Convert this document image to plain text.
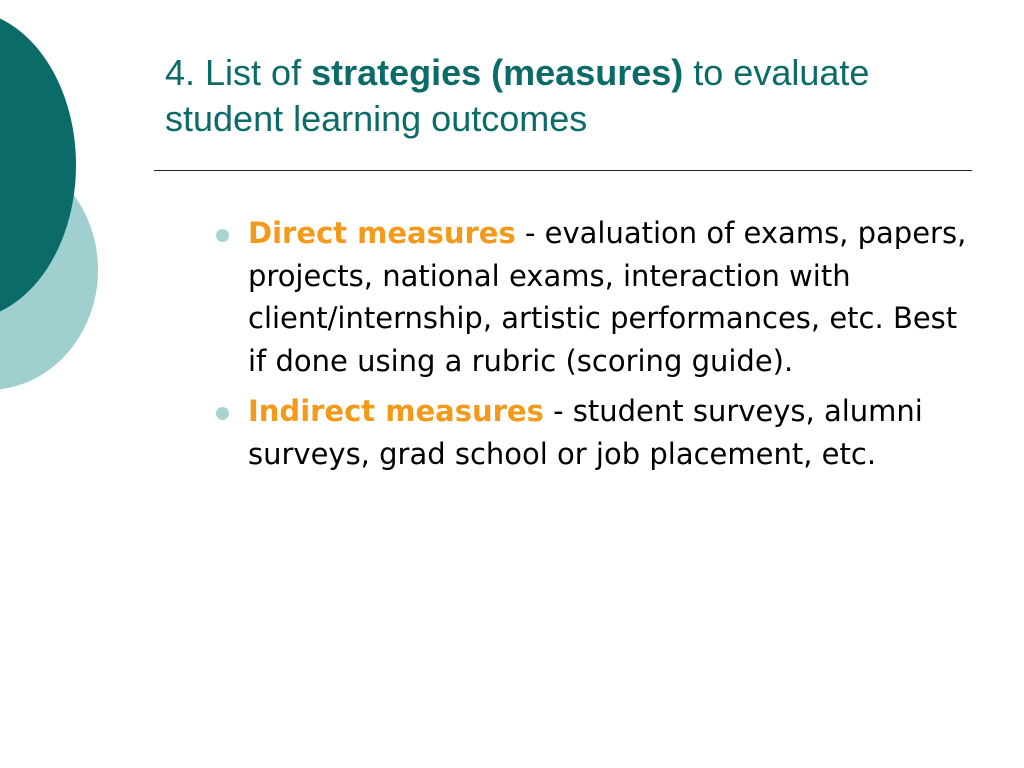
4. List of strategies (measures) to evaluate student learning outcomes
Direct measures - evaluation of exams, papers, projects, national exams, interaction with client/internship, artistic performances, etc. Best if done using a rubric (scoring guide).
Indirect measures - student surveys, alumni surveys, grad school or job placement, etc.
